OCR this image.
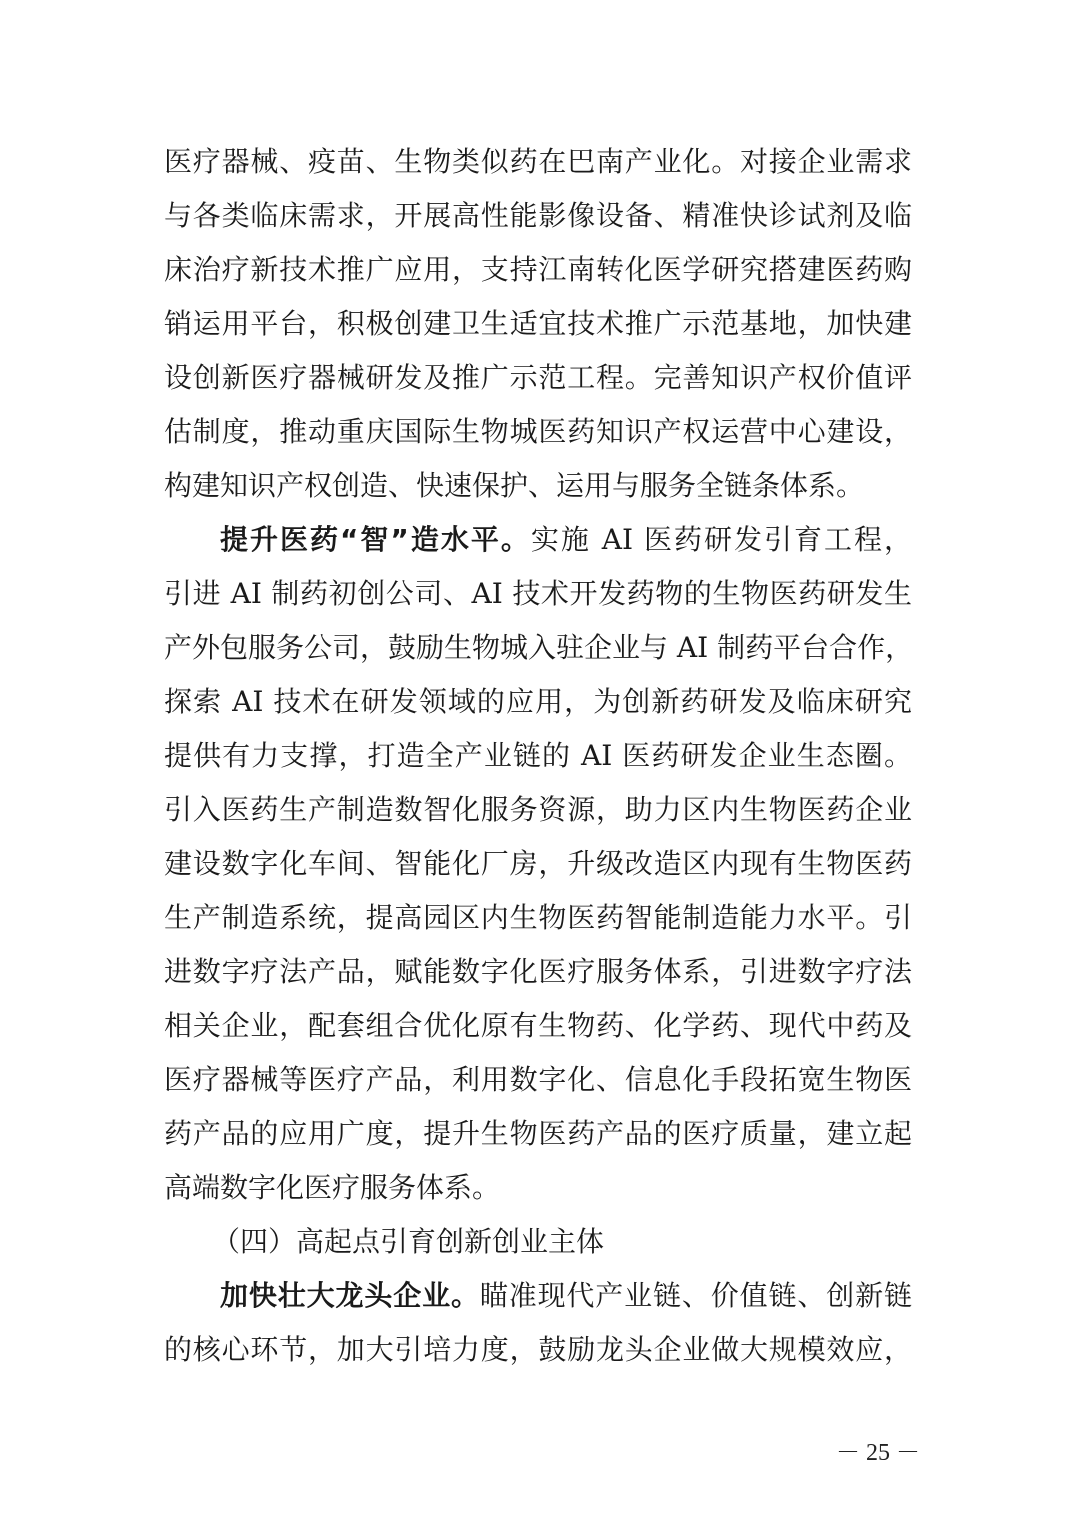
医疗器械、疫苗、生物类似药在巴南产业化。对接企业需求
与各类临床需求，开展高性能影像设备、精准快诊试剂及临
床治疗新技术推广应用，支持江南转化医学研究搭建医药购
销运用平台，积极创建卫生适宜技术推广示范基地，加快建
设创新医疗器械研发及推广示范工程。完善知识产权价值评
估制度，推动重庆国际生物城医药知识产权运营中心建设，
构建知识产权创造、快速保护、运用与服务全链条体系。
提升医药“智”造水平。实施 AI 医药研发引育工程，
引进 AI 制药初创公司、AI 技术开发药物的生物医药研发生
产外包服务公司，鼓励生物城入驻企业与 AI 制药平台合作，
探索 AI 技术在研发领域的应用，为创新药研发及临床研究
提供有力支撑，打造全产业链的 AI 医药研发企业生态圈。
引入医药生产制造数智化服务资源，助力区内生物医药企业
建设数字化车间、智能化厂房，升级改造区内现有生物医药
生产制造系统，提高园区内生物医药智能制造能力水平。引
进数字疗法产品，赋能数字化医疗服务体系，引进数字疗法
相关企业，配套组合优化原有生物药、化学药、现代中药及
医疗器械等医疗产品，利用数字化、信息化手段拓宽生物医
药产品的应用广度，提升生物医药产品的医疗质量，建立起
高端数字化医疗服务体系。
（四）高起点引育创新创业主体
加快壮大龙头企业。瞄准现代产业链、价值链、创新链
的核心环节，加大引培力度，鼓励龙头企业做大规模效应，
－ 25 －
